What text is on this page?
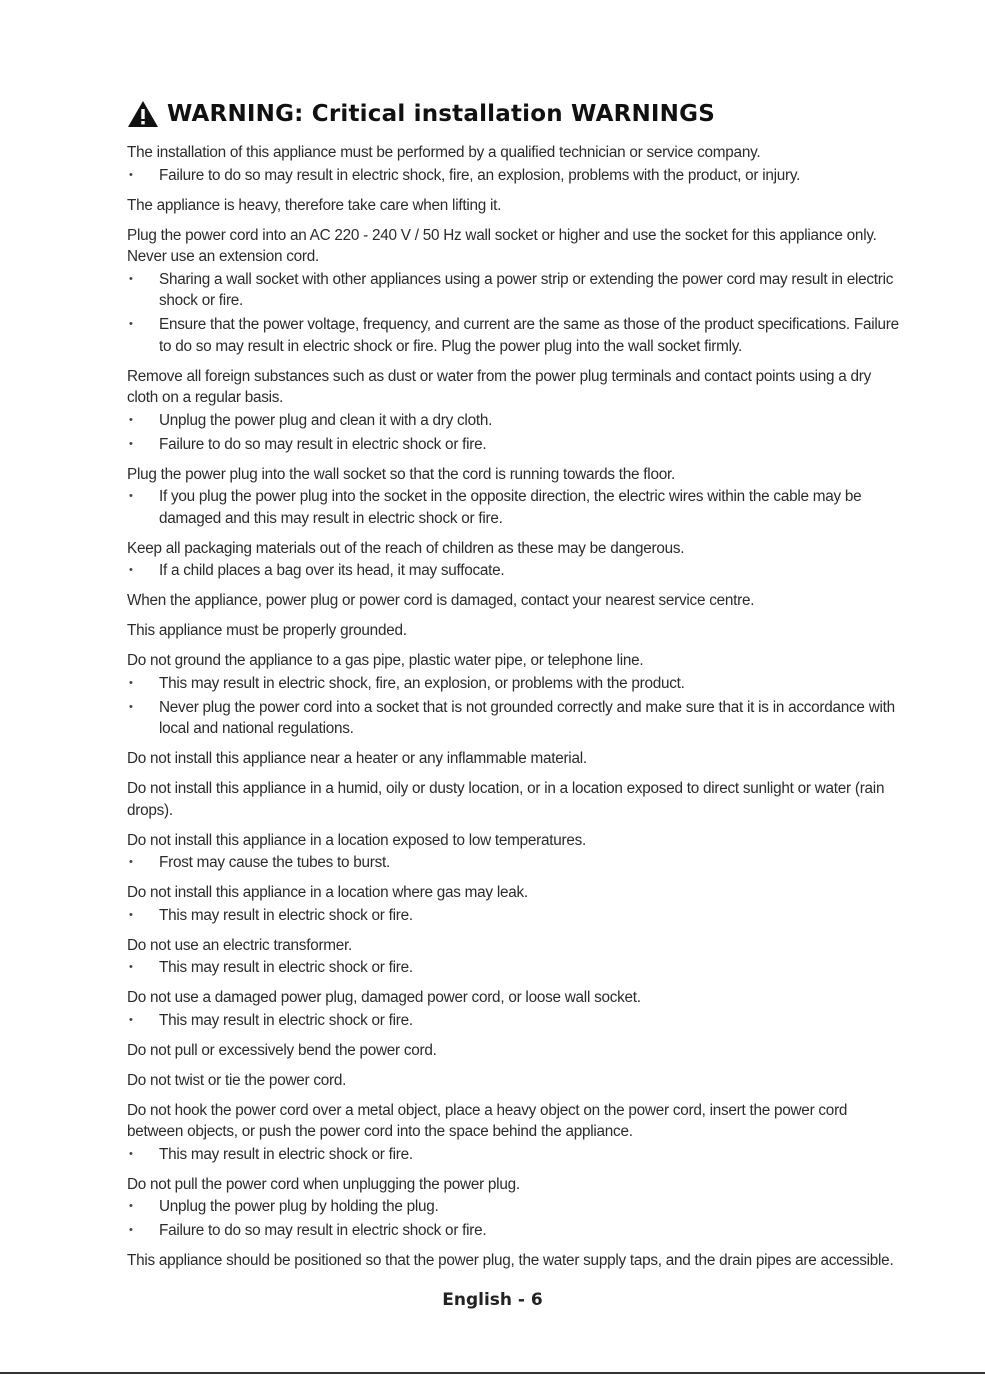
WARNING: Critical installation WARNINGS

The installation of this appliance must be performed by a qualified technician or service company.

• Failure to do so may result in electric shock, fire, an explosion, problems with the product, or injury.

The appliance is heavy, therefore take care when lifting it.

Plug the power cord into an AC 220 - 240 V / 50 Hz wall socket or higher and use the socket for this appliance only. Never use an extension cord.

• Sharing a wall socket with other appliances using a power strip or extending the power cord may result in electric shock or fire.
• Ensure that the power voltage, frequency, and current are the same as those of the product specifications. Failure to do so may result in electric shock or fire. Plug the power plug into the wall socket firmly.

Remove all foreign substances such as dust or water from the power plug terminals and contact points using a dry cloth on a regular basis.

• Unplug the power plug and clean it with a dry cloth.
• Failure to do so may result in electric shock or fire.

Plug the power plug into the wall socket so that the cord is running towards the floor.

• If you plug the power plug into the socket in the opposite direction, the electric wires within the cable may be damaged and this may result in electric shock or fire.

Keep all packaging materials out of the reach of children as these may be dangerous.

• If a child places a bag over its head, it may suffocate.

When the appliance, power plug or power cord is damaged, contact your nearest service centre.

This appliance must be properly grounded.

Do not ground the appliance to a gas pipe, plastic water pipe, or telephone line.

• This may result in electric shock, fire, an explosion, or problems with the product.
• Never plug the power cord into a socket that is not grounded correctly and make sure that it is in accordance with local and national regulations.

Do not install this appliance near a heater or any inflammable material.

Do not install this appliance in a humid, oily or dusty location, or in a location exposed to direct sunlight or water (rain drops).

Do not install this appliance in a location exposed to low temperatures.

• Frost may cause the tubes to burst.

Do not install this appliance in a location where gas may leak.

• This may result in electric shock or fire.

Do not use an electric transformer.

• This may result in electric shock or fire.

Do not use a damaged power plug, damaged power cord, or loose wall socket.

• This may result in electric shock or fire.

Do not pull or excessively bend the power cord.

Do not twist or tie the power cord.

Do not hook the power cord over a metal object, place a heavy object on the power cord, insert the power cord between objects, or push the power cord into the space behind the appliance.

• This may result in electric shock or fire.

Do not pull the power cord when unplugging the power plug.

• Unplug the power plug by holding the plug.
• Failure to do so may result in electric shock or fire.

This appliance should be positioned so that the power plug, the water supply taps, and the drain pipes are accessible.

English - 6
